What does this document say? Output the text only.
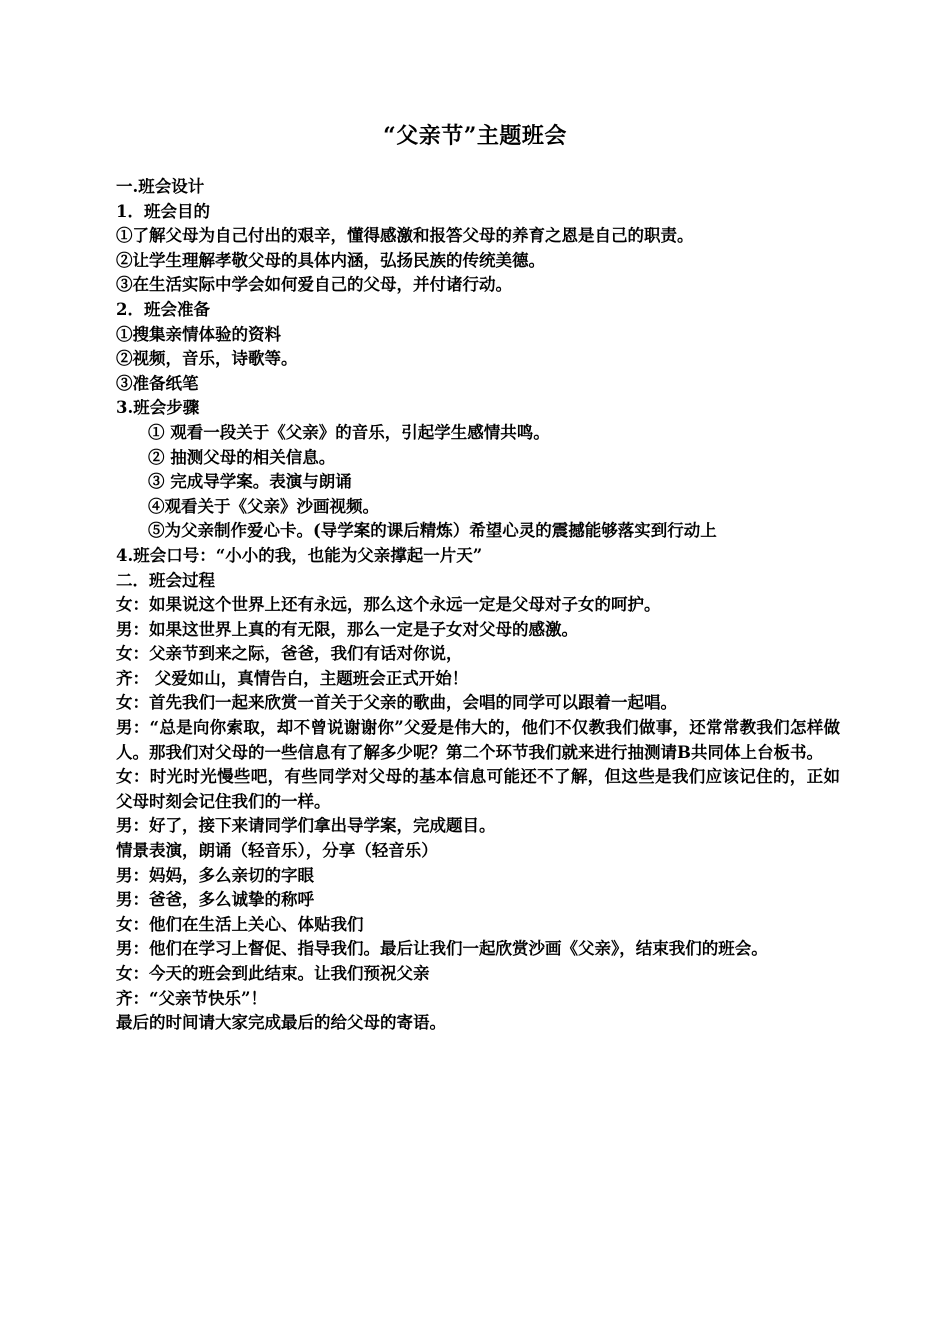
“父亲节”主题班会
一.班会设计
1．班会目的
①了解父母为自己付出的艰辛，懂得感激和报答父母的养育之恩是自己的职责。
②让学生理解孝敬父母的具体内涵，弘扬民族的传统美德。
③在生活实际中学会如何爱自己的父母，并付诸行动。
2．班会准备
①搜集亲情体验的资料
②视频，音乐，诗歌等。
③准备纸笔
3.班会步骤
① 观看一段关于《父亲》的音乐，引起学生感情共鸣。
② 抽测父母的相关信息。
③ 完成导学案。表演与朗诵
④观看关于《父亲》沙画视频。
⑤为父亲制作爱心卡。(导学案的课后精炼）希望心灵的震撼能够落实到行动上
4.班会口号：“小小的我，也能为父亲撑起一片天”
二．班会过程
女：如果说这个世界上还有永远，那么这个永远一定是父母对子女的呵护。
男：如果这世界上真的有无限，那么一定是子女对父母的感激。
女：父亲节到来之际，爸爸，我们有话对你说，
齐： 父爱如山，真情告白，主题班会正式开始！
女：首先我们一起来欣赏一首关于父亲的歌曲，会唱的同学可以跟着一起唱。
男：“总是向你索取，却不曾说谢谢你”父爱是伟大的，他们不仅教我们做事，还常常教我们怎样做人。那我们对父母的一些信息有了解多少呢？第二个环节我们就来进行抽测请B共同体上台板书。
女：时光时光慢些吧，有些同学对父母的基本信息可能还不了解，但这些是我们应该记住的，正如父母时刻会记住我们的一样。
男：好了，接下来请同学们拿出导学案，完成题目。
情景表演，朗诵（轻音乐），分享（轻音乐）
男：妈妈，多么亲切的字眼
男：爸爸，多么诚挚的称呼
女：他们在生活上关心、体贴我们
男：他们在学习上督促、指导我们。最后让我们一起欣赏沙画《父亲》，结束我们的班会。
女：今天的班会到此结束。让我们预祝父亲
齐：“父亲节快乐”！
最后的时间请大家完成最后的给父母的寄语。
